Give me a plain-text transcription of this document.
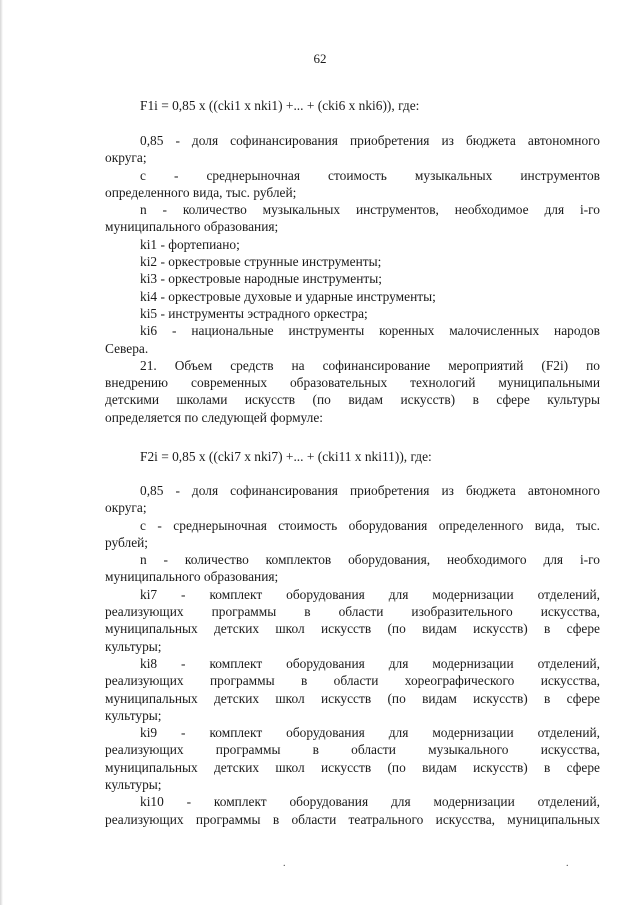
62
F1i = 0,85 x ((cki1 x nki1) +... + (cki6 x nki6)), где:
0,85 - доля софинансирования приобретения из бюджета автономного
округа;
с - среднерыночная стоимость музыкальных инструментов
определенного вида, тыс. рублей;
n - количество музыкальных инструментов, необходимое для i-го
муниципального образования;
ki1 - фортепиано;
ki2 - оркестровые струнные инструменты;
ki3 - оркестровые народные инструменты;
ki4 - оркестровые духовые и ударные инструменты;
ki5 - инструменты эстрадного оркестра;
ki6 - национальные инструменты коренных малочисленных народов
Севера.
21. Объем средств на софинансирование мероприятий (F2i) по
внедрению современных образовательных технологий муниципальными
детскими школами искусств (по видам искусств) в сфере культуры
определяется по следующей формуле:
F2i = 0,85 x ((cki7 x nki7) +... + (cki11 x nki11)), где:
0,85 - доля софинансирования приобретения из бюджета автономного
округа;
с - среднерыночная стоимость оборудования определенного вида, тыс.
рублей;
n - количество комплектов оборудования, необходимого для i-го
муниципального образования;
ki7 - комплект оборудования для модернизации отделений,
реализующих программы в области изобразительного искусства,
муниципальных детских школ искусств (по видам искусств) в сфере
культуры;
ki8 - комплект оборудования для модернизации отделений,
реализующих программы в области хореографического искусства,
муниципальных детских школ искусств (по видам искусств) в сфере
культуры;
ki9 - комплект оборудования для модернизации отделений,
реализующих программы в области музыкального искусства,
муниципальных детских школ искусств (по видам искусств) в сфере
культуры;
ki10 - комплект оборудования для модернизации отделений,
реализующих программы в области театрального искусства, муниципальных
.	.
